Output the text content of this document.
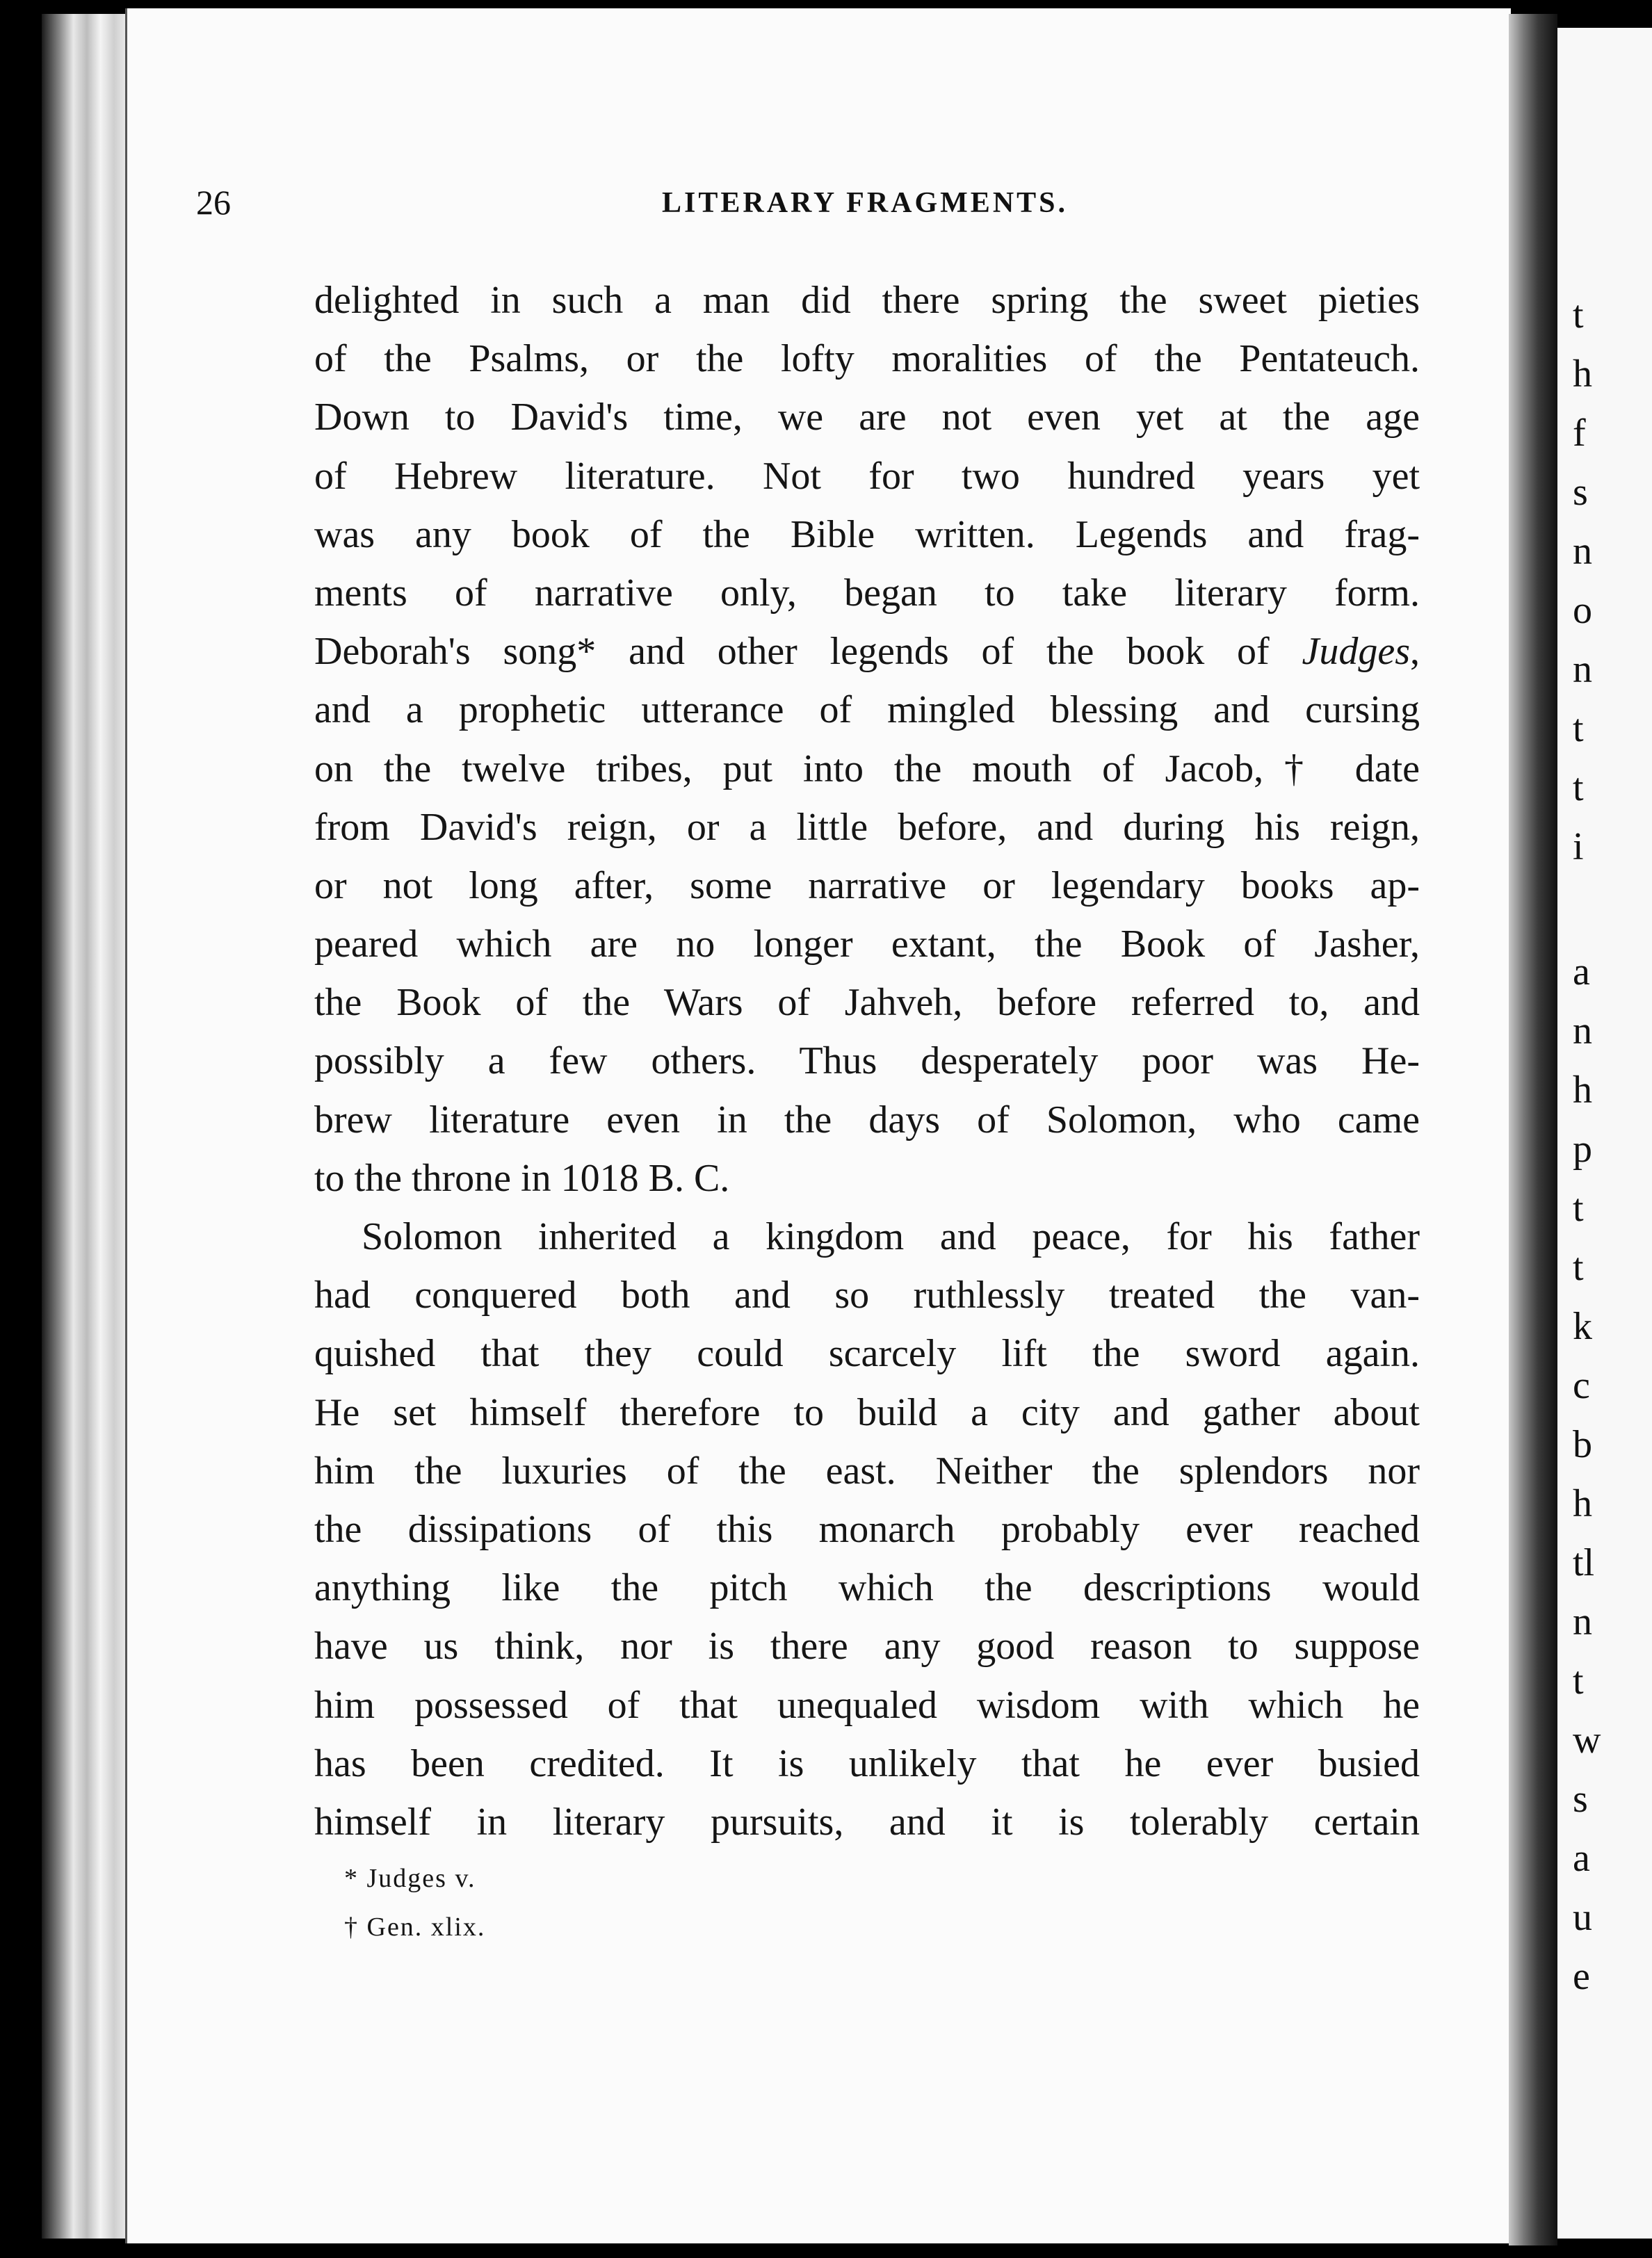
t
h
f
s
n
o
n
t
t
i
a
n
h
p
t
t
k
c
b
h
tl
n
t
w
s
a
u
e
26	LITERARY FRAGMENTS.
delighted in such a man did there spring the sweet pieties
of the Psalms, or the lofty moralities of the Pentateuch.
Down to David's time, we are not even yet at the age
of Hebrew literature. Not for two hundred years yet
was any book of the Bible written. Legends and frag-
ments of narrative only, began to take literary form.
Deborah's song* and other legends of the book of Judges,
and a prophetic utterance of mingled blessing and cursing
on the twelve tribes, put into the mouth of Jacob,† date
from David's reign, or a little before, and during his reign,
or not long after, some narrative or legendary books ap-
peared which are no longer extant, the Book of Jasher,
the Book of the Wars of Jahveh, before referred to, and
possibly a few others. Thus desperately poor was He-
brew literature even in the days of Solomon, who came
to the throne in 1018 B. C.
Solomon inherited a kingdom and peace, for his father
had conquered both and so ruthlessly treated the van-
quished that they could scarcely lift the sword again.
He set himself therefore to build a city and gather about
him the luxuries of the east. Neither the splendors nor
the dissipations of this monarch probably ever reached
anything like the pitch which the descriptions would
have us think, nor is there any good reason to suppose
him possessed of that unequaled wisdom with which he
has been credited. It is unlikely that he ever busied
himself in literary pursuits, and it is tolerably certain
* Judges v.
† Gen. xlix.
